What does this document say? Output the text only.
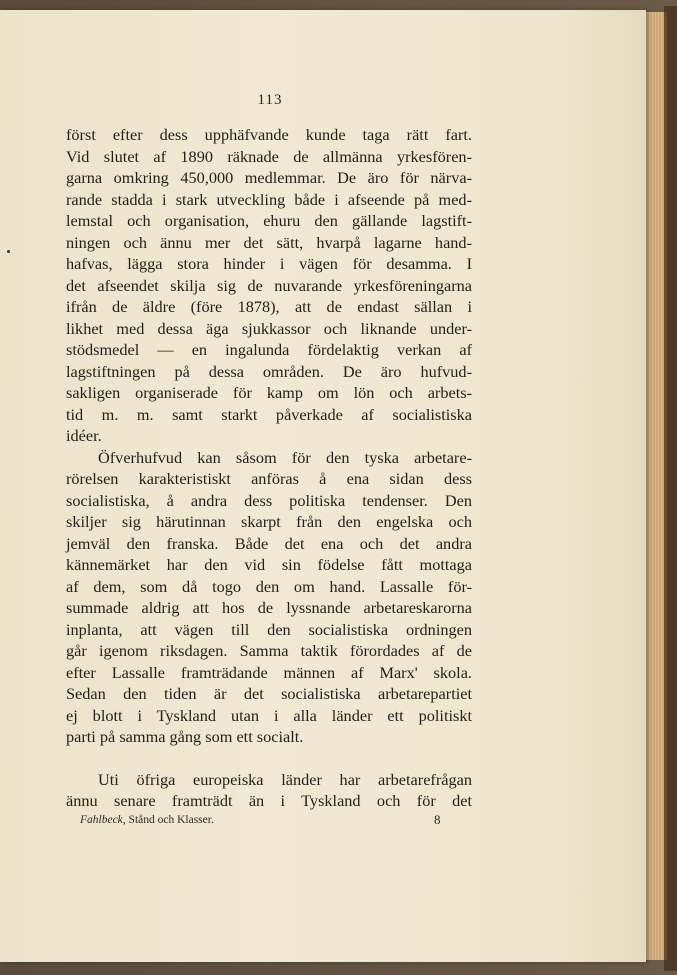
113
först efter dess upphäfvande kunde taga rätt fart.
Vid slutet af 1890 räknade de allmänna yrkesfören-
garna omkring 450,000 medlemmar. De äro för närva-
rande stadda i stark utveckling både i afseende på med-
lemstal och organisation, ehuru den gällande lagstift-
ningen och ännu mer det sätt, hvarpå lagarne hand-
hafvas, lägga stora hinder i vägen för desamma. I
det afseendet skilja sig de nuvarande yrkesföreningarna
ifrån de äldre (före 1878), att de endast sällan i
likhet med dessa äga sjukkassor och liknande under-
stödsmedel — en ingalunda fördelaktig verkan af
lagstiftningen på dessa områden. De äro hufvud-
sakligen organiserade för kamp om lön och arbets-
tid m. m. samt starkt påverkade af socialistiska
idéer.
Öfverhufvud kan såsom för den tyska arbetare-
rörelsen karakteristiskt anföras å ena sidan dess
socialistiska, å andra dess politiska tendenser. Den
skiljer sig härutinnan skarpt från den engelska och
jemväl den franska. Både det ena och det andra
kännemärket har den vid sin födelse fått mottaga
af dem, som då togo den om hand. Lassalle för-
summade aldrig att hos de lyssnande arbetareskarorna
inplanta, att vägen till den socialistiska ordningen
går igenom riksdagen. Samma taktik förordades af de
efter Lassalle framträdande männen af Marx' skola.
Sedan den tiden är det socialistiska arbetarepartiet
ej blott i Tyskland utan i alla länder ett politiskt
parti på samma gång som ett socialt.
Uti öfriga europeiska länder har arbetarefrågan
ännu senare framträdt än i Tyskland och för det
Fahlbeck, Stånd och Klasser.	8
